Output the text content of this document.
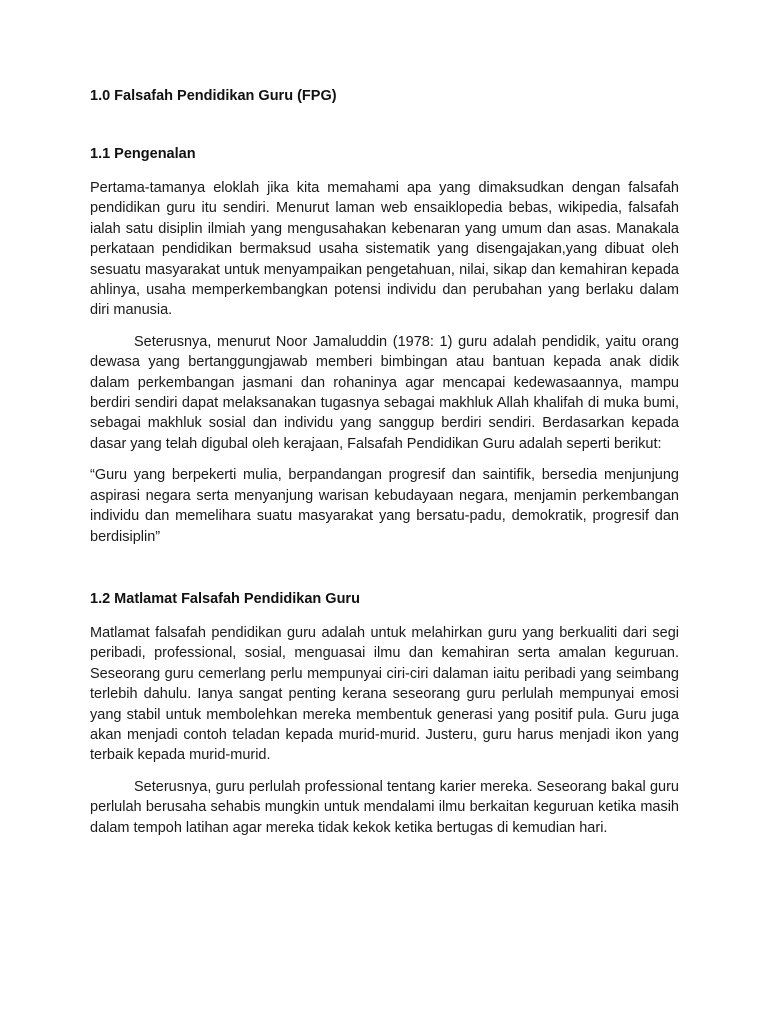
1.0 Falsafah Pendidikan Guru (FPG)
1.1 Pengenalan

Pertama-tamanya eloklah jika kita memahami apa yang dimaksudkan dengan falsafah pendidikan guru itu sendiri. Menurut laman web ensaiklopedia bebas, wikipedia, falsafah ialah satu disiplin ilmiah yang mengusahakan kebenaran yang umum dan asas. Manakala perkataan pendidikan bermaksud usaha sistematik yang disengajakan,yang dibuat oleh sesuatu masyarakat untuk menyampaikan pengetahuan, nilai, sikap dan kemahiran kepada ahlinya, usaha memperkembangkan potensi individu dan perubahan yang berlaku dalam diri manusia.

Seterusnya, menurut Noor Jamaluddin (1978: 1) guru adalah pendidik, yaitu orang dewasa yang bertanggungjawab memberi bimbingan atau bantuan kepada anak didik dalam perkembangan jasmani dan rohaninya agar mencapai kedewasaannya, mampu berdiri sendiri dapat melaksanakan tugasnya sebagai makhluk Allah khalifah di muka bumi, sebagai makhluk sosial dan individu yang sanggup berdiri sendiri. Berdasarkan kepada dasar yang telah digubal oleh kerajaan, Falsafah Pendidikan Guru adalah seperti berikut:

“Guru yang berpekerti mulia, berpandangan progresif dan saintifik, bersedia menjunjung aspirasi negara serta menyanjung warisan kebudayaan negara, menjamin perkembangan individu dan memelihara suatu masyarakat yang bersatu-padu, demokratik, progresif dan berdisiplin”

1.2 Matlamat Falsafah Pendidikan Guru

Matlamat falsafah pendidikan guru adalah untuk melahirkan guru yang berkualiti dari segi peribadi, professional, sosial, menguasai ilmu dan kemahiran serta amalan keguruan. Seseorang guru cemerlang perlu mempunyai ciri-ciri dalaman iaitu peribadi yang seimbang terlebih dahulu. Ianya sangat penting kerana seseorang guru perlulah mempunyai emosi yang stabil untuk membolehkan mereka membentuk generasi yang positif pula. Guru juga akan menjadi contoh teladan kepada murid-murid. Justeru, guru harus menjadi ikon yang terbaik kepada murid-murid.

Seterusnya, guru perlulah professional tentang karier mereka. Seseorang bakal guru perlulah berusaha sehabis mungkin untuk mendalami ilmu berkaitan keguruan ketika masih dalam tempoh latihan agar mereka tidak kekok ketika bertugas di kemudian hari.
